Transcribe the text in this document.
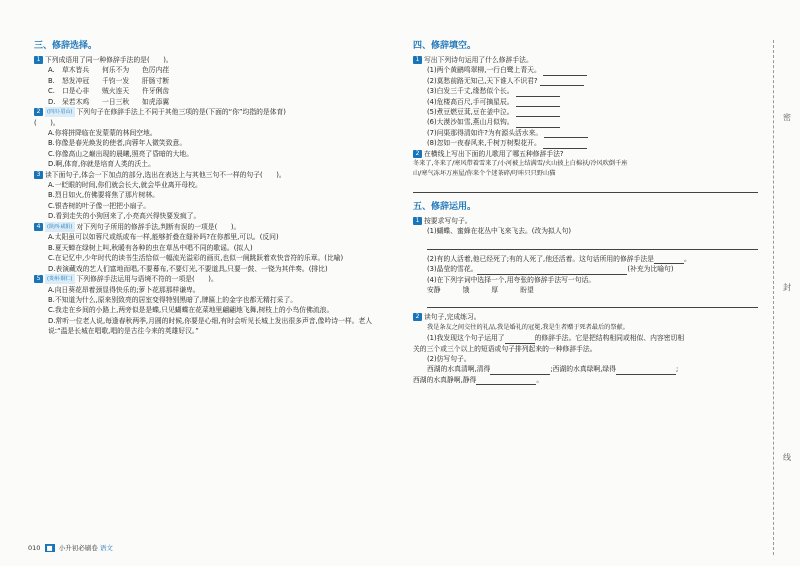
三、修辞选择。

1 下列成语用了同一种修辞手法的是(　　)。

A. 草木皆兵 何乐不为 色厉内荏
B. 怒发冲冠 千钧一发 肝肠寸断
C. 口是心非 贼火连天 仵牙俐齿
D. 呆若木鸡 一日三秋 如虎添翼

2 (四川·眉山) 下列句子在修辞手法上不同于其他三项的是(下面的“你”均指的是体育)

(　　)。

A.你将拼降临在发蒙蒙的林间空地。
B.你像是春光焕发的使者,向蓉年人微笑致意。
C.你像高山之巅出现的晨曦,照亮了昏暗的大地。
D.啊,体育,你就是培育人类的沃土。

3 读下面句子,体会一下加点的部分,选出在表达上与其他三句不一样的句子(　　)。

A.一眨眼的时间,你们就会长大,就会毕业离开母校。
B.烈日如火,仿佛要将焦了那片树林。
C.银杏树的叶子像一把把小扇子。
D.看到走失的小狗回来了,小亮高兴得快要发疯了。

4 (陕西·咸阳) 对下列句子所用的修辞手法,判断有误的一项是(　　)。

A.太阳虽可以如蓉尺或纸或布一样,能够折叠在缝补吗?在你都里,可以。(反问)
B.夏天蝉在绿树上叫,秋暖有各种的虫在草丛中唱不同的歌谣。(拟人)
C.在记忆中,少年时代的读书生活恰似一幅流光溢彩的画页,也似一阕跳跃着欢快音符的乐章。(比喻)
D.表演藏戏的艺人们富地而唱,不要幕布,不要灯光,不要道具,只要一鼓、一铙为其伴奏。(排比)

5 (贵州·铜仁) 下列修辞手法运用与语境不符的一项是(　　)。

A.向日葵花昂着颈显得快乐的;萝卜花那那样谦卑。
B.不知道为什么,原来别致亮的居室变得特别黑暗了,牌匾上的金字也都无精打采了。
C.我走在乡间的小路上,两旁似是是蝶,只见蝴蝶在花菜地里翩翩地飞舞,树枝上的小鸟仿佛流浪。
D.常听一位老人说,每逢春秋两季,月圆的时候,你要是心细,有时会听见长城上发出很多声音,像吟诗一样。老人说:“温是长城在唱歌,唱的是古往今来的英雄好汉。”
四、修辞填空。

1 写出下列诗句运用了什么修辞手法。

(1)两个黄鹂鸣翠柳,一行白鹭上青天。
(2)莫愁前路无知己,天下谁人不识君?
(3)白发三千丈,缘愁似个长。
(4)危楼高百尺,手可摘星辰。
(5)煮豆燃豆萁,豆在釜中泣。
(6)大漠沙如雪,燕山月似钩。
(7)问渠那得清如许?为有源头活水来。
(8)忽如一夜春风来,千树万树梨花开。

2 在横线上写出下面的儿歌用了哪五种修辞手法?

冬来了,冬来了/寒风带着雪来了/小河被上结满雪/火山披上白棉袄/冷风吹倒千座
山/寒气冻坏万座屋/你来个个迷茶碎/吁咔只只野山猫
五、修辞运用。

1 按要求写句子。

(1)蝴蝶、蜜蜂在花丛中飞来飞去。(改为拟人句)
(2)有的人活着,他已经死了;有的人死了,他还活着。这句话所用的修辞手法是	。
(3)晶莹的雪花。	(补充为比喻句)
(4)在下列字词中选择一个,用夸张的修辞手法写一句话。
安静	饿	厚	盼望

2 读句子,完成练习。

我是条友之间交往的礼品,我是婚礼的冠冕,我是生者赠于死者最后的祭献。
(1)我发现这个句子运用了	的修辞手法。它是把结构相同或相似、内容密切相
关的三个或三个以上的短语或句子排列起来的一种修辞手法。
(2)仿写句子。
西湖的水真清啊,清得	;西湖的水真绿啊,绿得	;
西湖的水真静啊,静得	。
密
封
线
010 ■ 小升初必刷卷 语文
